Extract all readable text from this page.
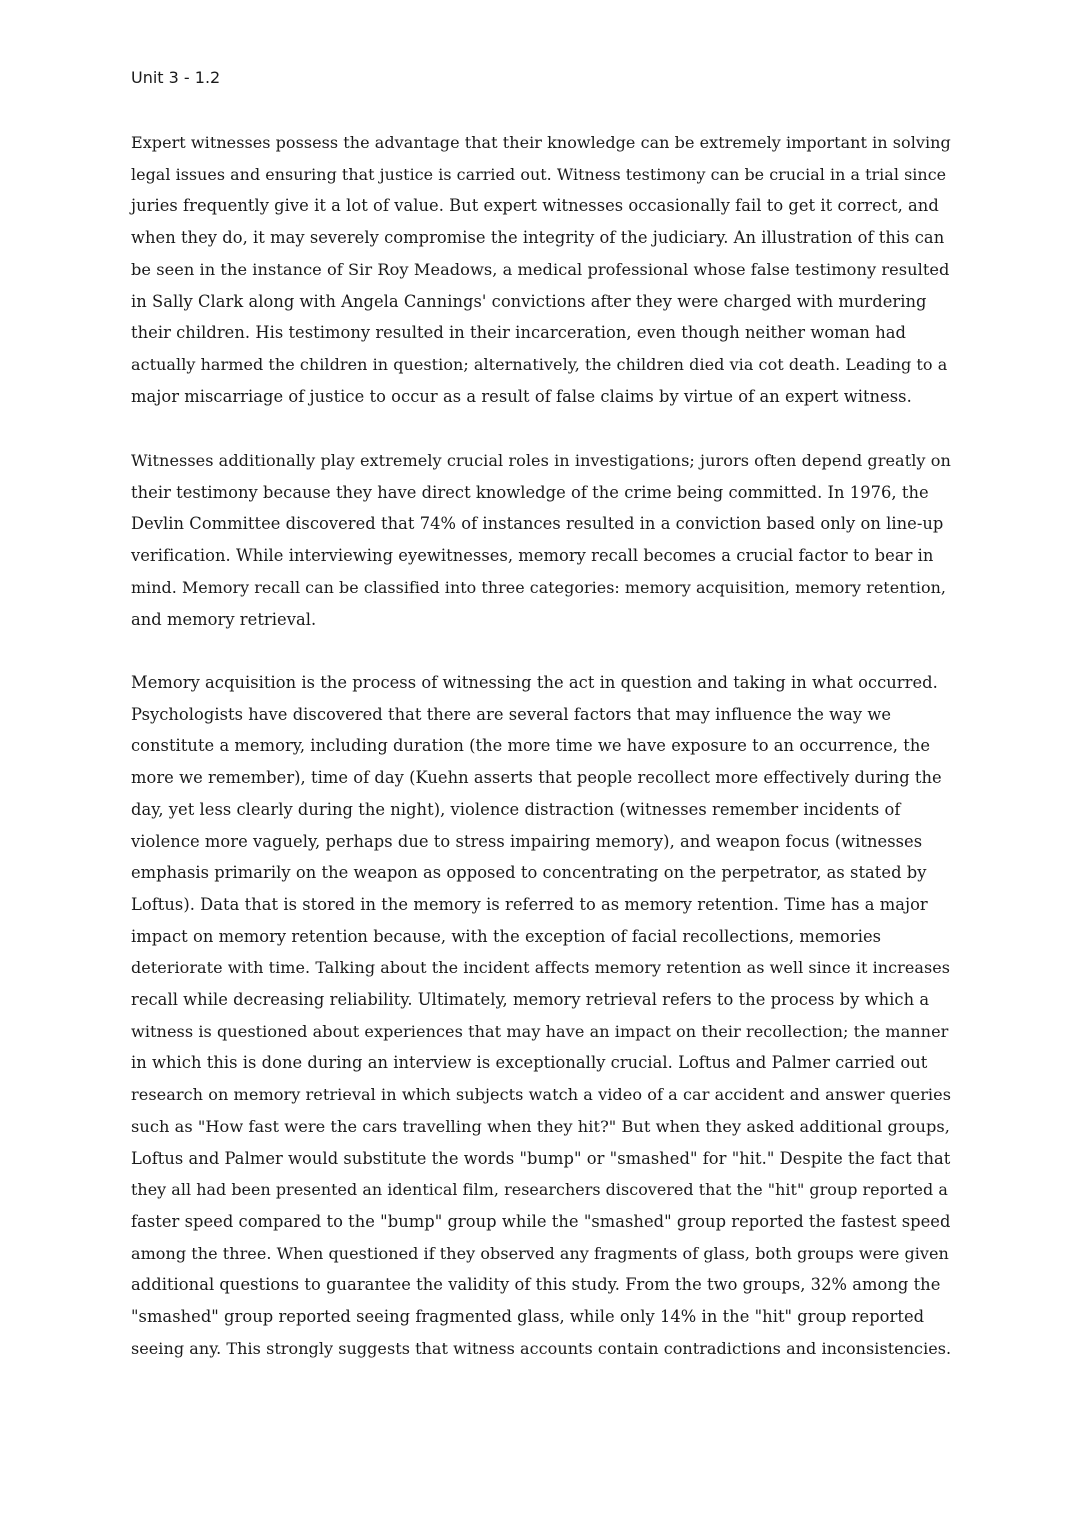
Unit 3 - 1.2

Expert witnesses possess the advantage that their knowledge can be extremely important in solving
legal issues and ensuring that justice is carried out. Witness testimony can be crucial in a trial since
juries frequently give it a lot of value. But expert witnesses occasionally fail to get it correct, and
when they do, it may severely compromise the integrity of the judiciary. An illustration of this can
be seen in the instance of Sir Roy Meadows, a medical professional whose false testimony resulted
in Sally Clark along with Angela Cannings' convictions after they were charged with murdering
their children. His testimony resulted in their incarceration, even though neither woman had
actually harmed the children in question; alternatively, the children died via cot death. Leading to a
major miscarriage of justice to occur as a result of false claims by virtue of an expert witness.

Witnesses additionally play extremely crucial roles in investigations; jurors often depend greatly on
their testimony because they have direct knowledge of the crime being committed. In 1976, the
Devlin Committee discovered that 74% of instances resulted in a conviction based only on line-up
verification. While interviewing eyewitnesses, memory recall becomes a crucial factor to bear in
mind. Memory recall can be classified into three categories: memory acquisition, memory retention,
and memory retrieval.

Memory acquisition is the process of witnessing the act in question and taking in what occurred.
Psychologists have discovered that there are several factors that may influence the way we
constitute a memory, including duration (the more time we have exposure to an occurrence, the
more we remember), time of day (Kuehn asserts that people recollect more effectively during the
day, yet less clearly during the night), violence distraction (witnesses remember incidents of
violence more vaguely, perhaps due to stress impairing memory), and weapon focus (witnesses
emphasis primarily on the weapon as opposed to concentrating on the perpetrator, as stated by
Loftus). Data that is stored in the memory is referred to as memory retention. Time has a major
impact on memory retention because, with the exception of facial recollections, memories
deteriorate with time. Talking about the incident affects memory retention as well since it increases
recall while decreasing reliability. Ultimately, memory retrieval refers to the process by which a
witness is questioned about experiences that may have an impact on their recollection; the manner
in which this is done during an interview is exceptionally crucial. Loftus and Palmer carried out
research on memory retrieval in which subjects watch a video of a car accident and answer queries
such as "How fast were the cars travelling when they hit?" But when they asked additional groups,
Loftus and Palmer would substitute the words "bump" or "smashed" for "hit." Despite the fact that
they all had been presented an identical film, researchers discovered that the "hit" group reported a
faster speed compared to the "bump" group while the "smashed" group reported the fastest speed
among the three. When questioned if they observed any fragments of glass, both groups were given
additional questions to guarantee the validity of this study. From the two groups, 32% among the
"smashed" group reported seeing fragmented glass, while only 14% in the "hit" group reported
seeing any. This strongly suggests that witness accounts contain contradictions and inconsistencies.
